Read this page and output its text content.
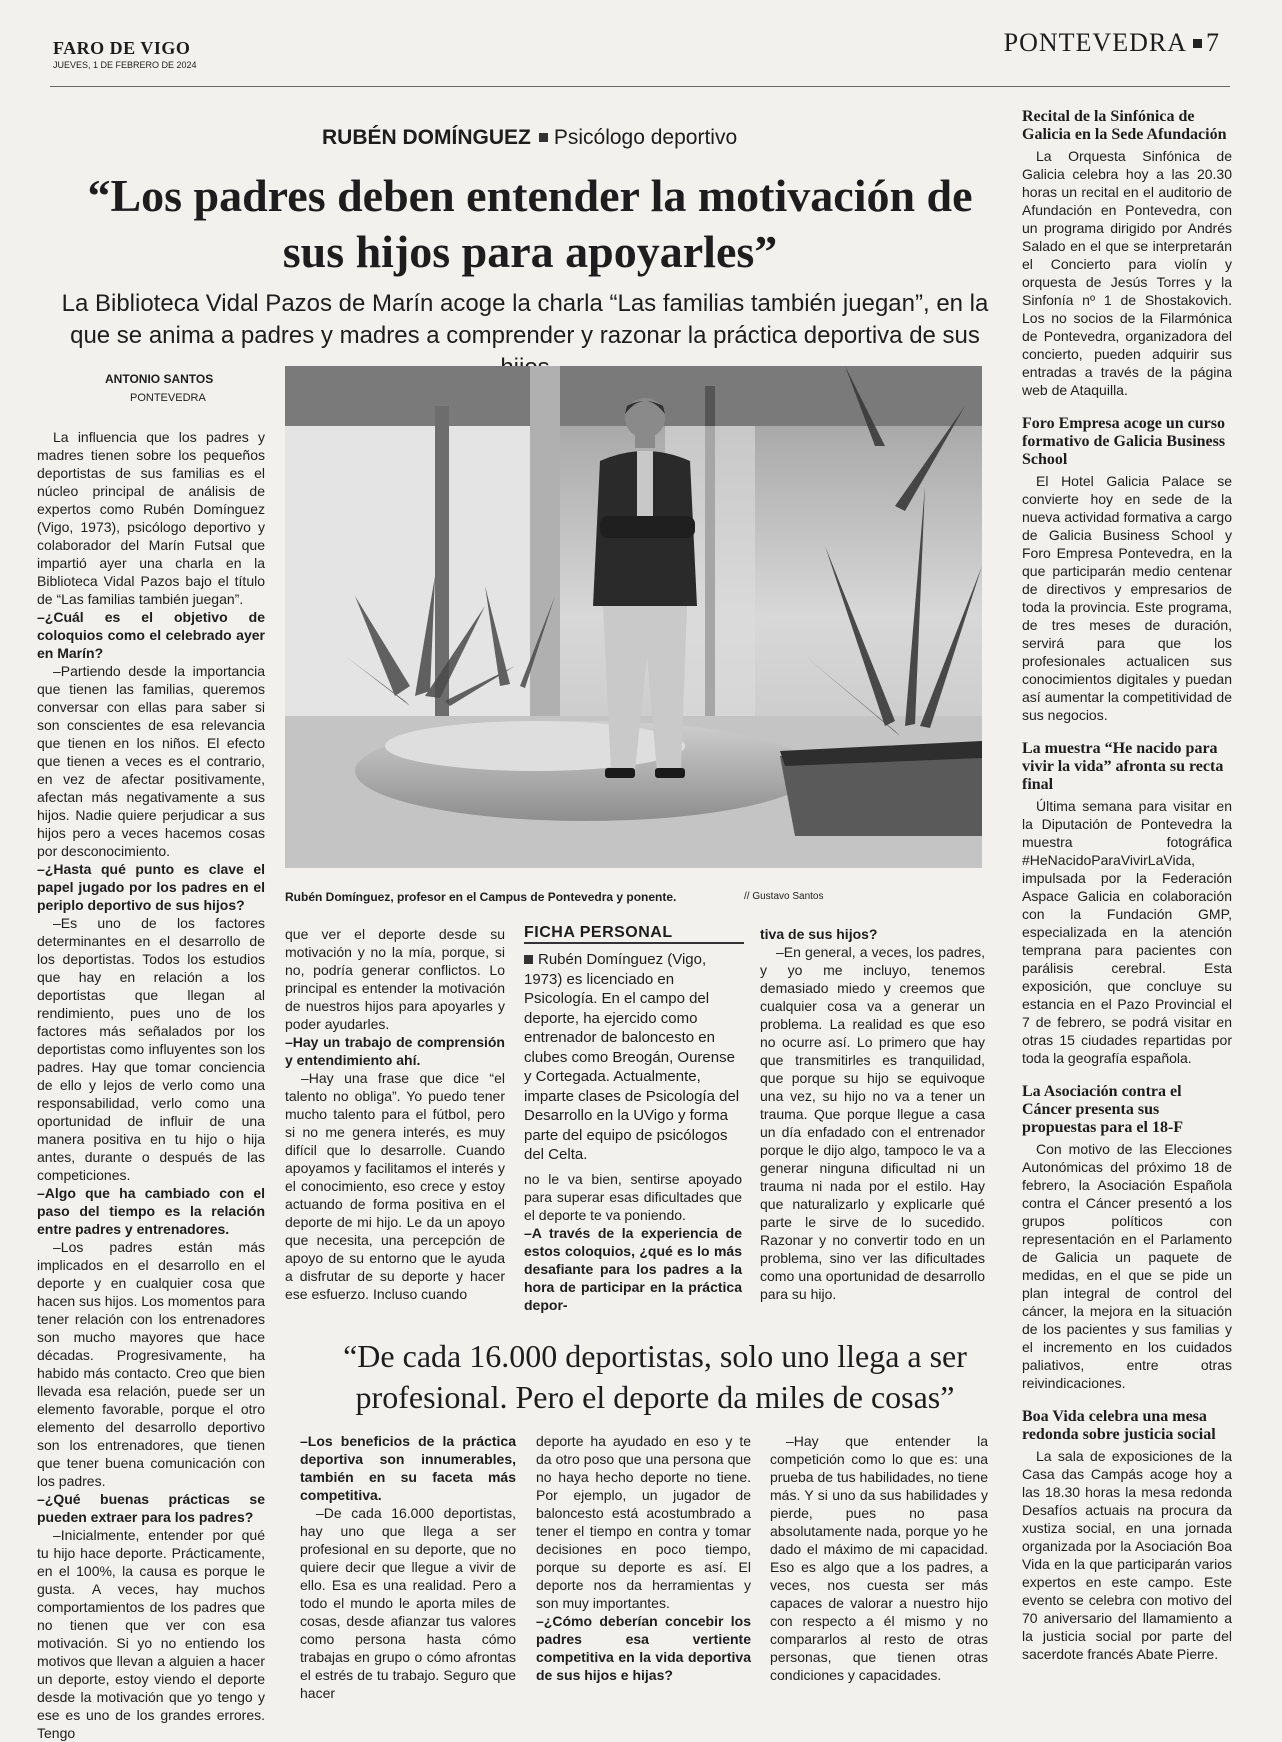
FARO DE VIGO
JUEVES, 1 DE FEBRERO DE 2024
PONTEVEDRA 7
RUBÉN DOMÍNGUEZ Psicólogo deportivo
“Los padres deben entender la motivación de sus hijos para apoyarles”
La Biblioteca Vidal Pazos de Marín acoge la charla “Las familias también juegan”, en la que se anima a padres y madres a comprender y razonar la práctica deportiva de sus
ANTONIO SANTOS
PONTEVEDRA
Rubén Domínguez, profesor en el Campus de Pontevedra y ponente.	// Gustavo Santos

La influencia que los padres y madres tienen sobre los pequeños deportistas de sus familias es el núcleo principal de análisis de expertos como Rubén Domínguez (Vigo, 1973), psicólogo deportivo y colaborador del Marín Futsal que impartió ayer una charla en la Biblioteca Vidal Pazos bajo el título de “Las familias también juegan”.

–¿Cuál es el objetivo de coloquios como el celebrado ayer en Marín?

–Partiendo desde la importancia que tienen las familias, queremos conversar con ellas para saber si son conscientes de esa relevancia que tienen en los niños. El efecto que tienen a veces es el contrario, en vez de afectar positivamente, afectan más negativamente a sus hijos. Nadie quiere perjudicar a sus hijos pero a veces hacemos cosas por desconocimiento.

–¿Hasta qué punto es clave el papel jugado por los padres en el periplo deportivo de sus hijos?

–Es uno de los factores determinantes en el desarrollo de los deportistas. Todos los estudios que hay en relación a los deportistas que llegan al rendimiento, pues uno de los factores más señalados por los deportistas como influyentes son los padres. Hay que tomar conciencia de ello y lejos de verlo como una responsabilidad, verlo como una oportunidad de influir de una manera positiva en tu hijo o hija antes, durante o después de las competiciones.

–Algo que ha cambiado con el paso del tiempo es la relación entre padres y entrenadores.

–Los padres están más implicados en el desarrollo en el deporte y en cualquier cosa que hacen sus hijos. Los momentos para tener relación con los entrenadores son mucho mayores que hace décadas. Progresivamente, ha habido más contacto. Creo que bien llevada esa relación, puede ser un elemento favorable, porque el otro elemento del desarrollo deportivo son los entrenadores, que tienen que tener buena comunicación con los padres.

–¿Qué buenas prácticas se pueden extraer para los padres?

–Inicialmente, entender por qué tu hijo hace deporte. Prácticamente, en el 100%, la causa es porque le gusta. A veces, hay muchos comportamientos de los padres que no tienen que ver con esa motivación. Si yo no entiendo los motivos que llevan a alguien a hacer un deporte, estoy viendo el deporte desde la motivación que yo tengo y ese es uno de los grandes errores. Tengo

que ver el deporte desde su motivación y no la mía, porque, si no, podría generar conflictos. Lo principal es entender la motivación de nuestros hijos para apoyarles y poder ayudarles.

–Hay un trabajo de comprensión y entendimiento ahí.

–Hay una frase que dice “el talento no obliga”. Yo puedo tener mucho talento para el fútbol, pero si no me genera interés, es muy difícil que lo desarrolle. Cuando apoyamos y facilitamos el interés y el conocimiento, eso crece y estoy actuando de forma positiva en el deporte de mi hijo. Le da un apoyo que necesita, una percepción de apoyo de su entorno que le ayuda a disfrutar de su deporte y hacer ese esfuerzo. Incluso cuando

FICHA PERSONAL
Rubén Domínguez (Vigo, 1973) es licenciado en Psicología. En el campo del deporte, ha ejercido como entrenador de baloncesto en clubes como Breogán, Ourense y Cortegada. Actualmente, imparte clases de Psicología del Desarrollo en la UVigo y forma parte del equipo de psicólogos del Celta.

no le va bien, sentirse apoyado para superar esas dificultades que el deporte te va poniendo.

–A través de la experiencia de estos coloquios, ¿qué es lo más desafiante para los padres a la hora de participar en la práctica depor-

tiva de sus hijos?

–En general, a veces, los padres, y yo me incluyo, tenemos demasiado miedo y creemos que cualquier cosa va a generar un problema. La realidad es que eso no ocurre así. Lo primero que hay que transmitirles es tranquilidad, que porque su hijo se equivoque una vez, su hijo no va a tener un trauma. Que porque llegue a casa un día enfadado con el entrenador porque le dijo algo, tampoco le va a generar ninguna dificultad ni un trauma ni nada por el estilo. Hay que naturalizarlo y explicarle qué parte le sirve de lo sucedido. Razonar y no convertir todo en un problema, sino ver las dificultades como una oportunidad de desarrollo para su hijo.

“De cada 16.000 deportistas, solo uno llega a ser profesional. Pero el deporte da miles de cosas”

–Los beneficios de la práctica deportiva son innumerables, también en su faceta más competitiva.

–De cada 16.000 deportistas, hay uno que llega a ser profesional en su deporte, que no quiere decir que llegue a vivir de ello. Esa es una realidad. Pero a todo el mundo le aporta miles de cosas, desde afianzar tus valores como persona hasta cómo trabajas en grupo o cómo afrontas el estrés de tu trabajo. Seguro que hacer

deporte ha ayudado en eso y te da otro poso que una persona que no haya hecho deporte no tiene. Por ejemplo, un jugador de baloncesto está acostumbrado a tener el tiempo en contra y tomar decisiones en poco tiempo, porque su deporte es así. El deporte nos da herramientas y son muy importantes.

–¿Cómo deberían concebir los padres esa vertiente competitiva en la vida deportiva de sus hijos e hijas?

–Hay que entender la competición como lo que es: una prueba de tus habilidades, no tiene más. Y si uno da sus habilidades y pierde, pues no pasa absolutamente nada, porque yo he dado el máximo de mi capacidad. Eso es algo que a los padres, a veces, nos cuesta ser más capaces de valorar a nuestro hijo con respecto a él mismo y no compararlos al resto de otras personas, que tienen otras condiciones y capacidades.

Recital de la Sinfónica de Galicia en la Sede Afundación

La Orquesta Sinfónica de Galicia celebra hoy a las 20.30 horas un recital en el auditorio de Afundación en Pontevedra, con un programa dirigido por Andrés Salado en el que se interpretarán el Concierto para violín y orquesta de Jesús Torres y la Sinfonía nº 1 de Shostakovich. Los no socios de la Filarmónica de Pontevedra, organizadora del concierto, pueden adquirir sus entradas a través de la página web de Ataquilla.

Foro Empresa acoge un curso formativo de Galicia Business School

El Hotel Galicia Palace se convierte hoy en sede de la nueva actividad formativa a cargo de Galicia Business School y Foro Empresa Pontevedra, en la que participarán medio centenar de directivos y empresarios de toda la provincia. Este programa, de tres meses de duración, servirá para que los profesionales actualicen sus conocimientos digitales y puedan así aumentar la competitividad de sus negocios.

La muestra “He nacido para vivir la vida” afronta su recta final

Última semana para visitar en la Diputación de Pontevedra la muestra fotográfica #HeNacidoParaVivirLaVida, impulsada por la Federación Aspace Galicia en colaboración con la Fundación GMP, especializada en la atención temprana para pacientes con parálisis cerebral. Esta exposición, que concluye su estancia en el Pazo Provincial el 7 de febrero, se podrá visitar en otras 15 ciudades repartidas por toda la geografía española.

La Asociación contra el Cáncer presenta sus propuestas para el 18-F

Con motivo de las Elecciones Autonómicas del próximo 18 de febrero, la Asociación Española contra el Cáncer presentó a los grupos políticos con representación en el Parlamento de Galicia un paquete de medidas, en el que se pide un plan integral de control del cáncer, la mejora en la situación de los pacientes y sus familias y el incremento en los cuidados paliativos, entre otras reivindicaciones.

Boa Vida celebra una mesa redonda sobre justicia social

La sala de exposiciones de la Casa das Campás acoge hoy a las 18.30 horas la mesa redonda Desafíos actuais na procura da xustiza social, en una jornada organizada por la Asociación Boa Vida en la que participarán varios expertos en este campo. Este evento se celebra con motivo del 70 aniversario del llamamiento a la justicia social por parte del sacerdote francés Abate Pierre.
